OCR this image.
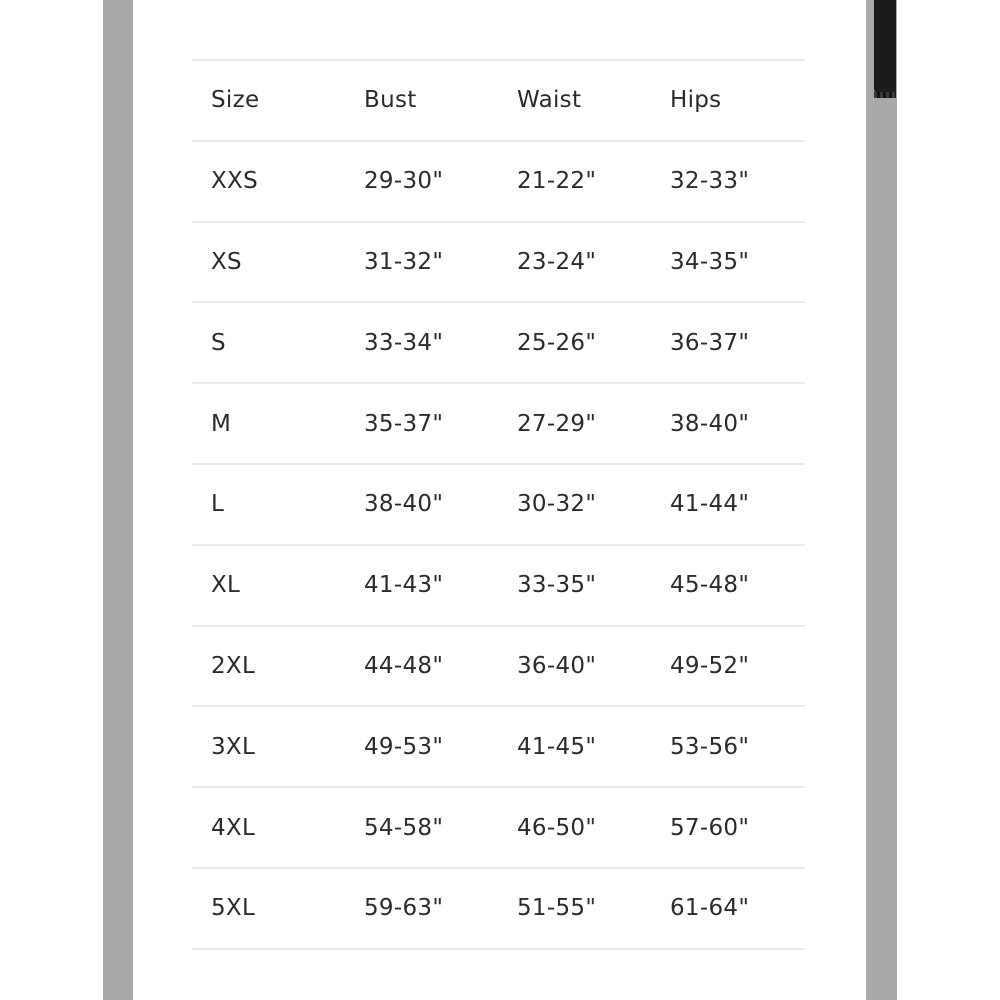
Size	Bust	Waist	Hips
XXS	29-30"	21-22"	32-33"
XS	31-32"	23-24"	34-35"
S	33-34"	25-26"	36-37"
M	35-37"	27-29"	38-40"
L	38-40"	30-32"	41-44"
XL	41-43"	33-35"	45-48"
2XL	44-48"	36-40"	49-52"
3XL	49-53"	41-45"	53-56"
4XL	54-58"	46-50"	57-60"
5XL	59-63"	51-55"	61-64"
